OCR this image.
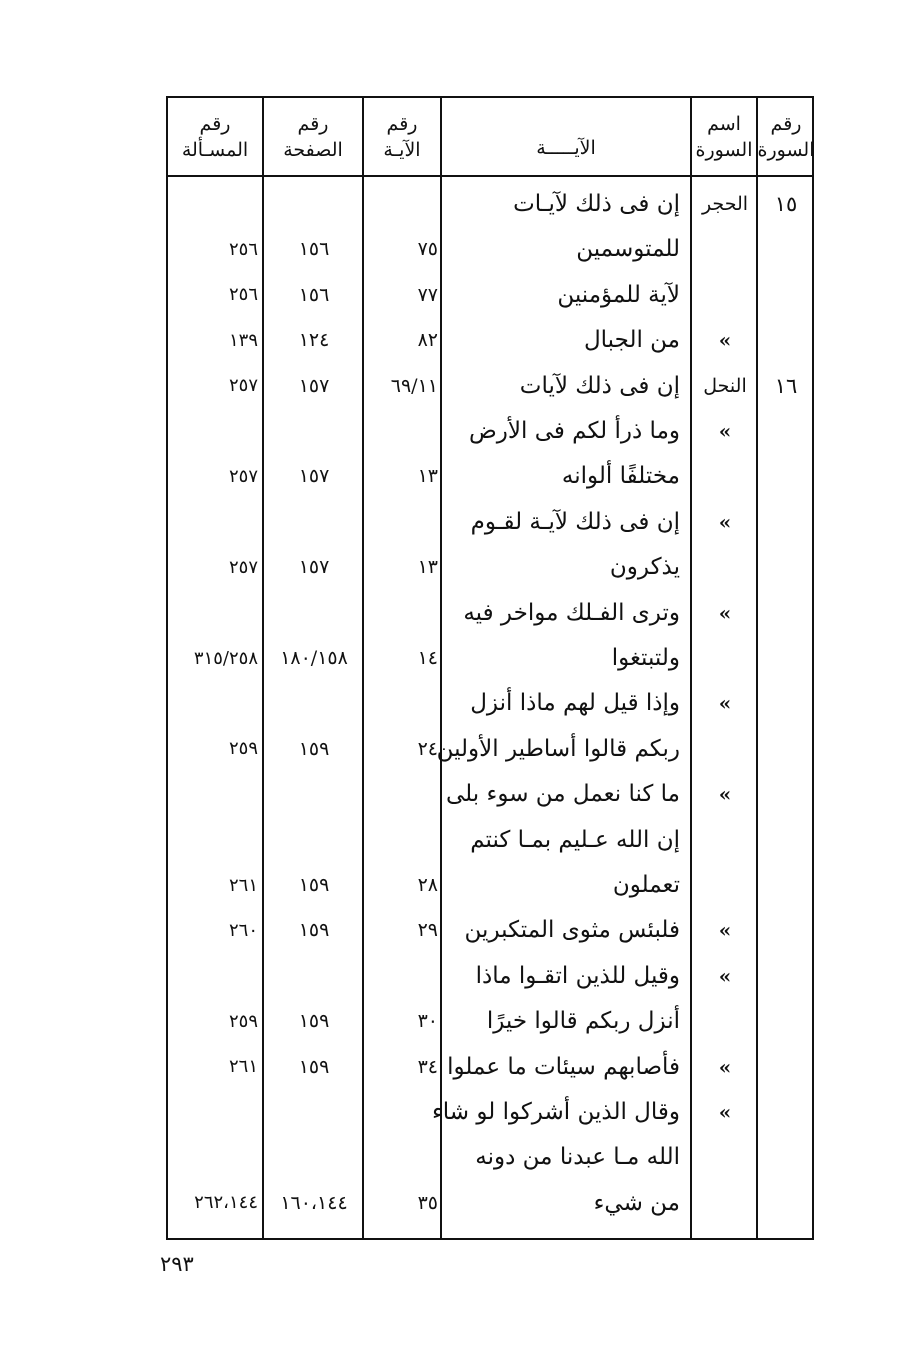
رقم
السورة
اسم
السورة
الآيـــــة
رقم
الآيـة
رقم
الصفحة
رقم
المسـألة
١٥
الحجر
إن فى ذلك لآيـات
للمتوسمين
٧٥
١٥٦
٢٥٦
لآية للمؤمنين
٧٧
١٥٦
٢٥٦
»
من الجبال
٨٢
١٢٤
١٣٩
١٦
النحل
إن فى ذلك لآيات
٦٩/١١
١٥٧
٢٥٧
»
وما ذرأ لكم فى الأرض
مختلفًا ألوانه
١٣
١٥٧
٢٥٧
»
إن فى ذلك لآيـة لقـوم
يذكرون
١٣
١٥٧
٢٥٧
»
وترى الفـلك مواخر فيه
ولتبتغوا
١٤
١٨٠/١٥٨
٣١٥/٢٥٨
»
وإذا قيل لهم ماذا أنزل
ربكم قالوا أساطير الأولين
٢٤
١٥٩
٢٥٩
»
ما كنا نعمل من سوء بلى
إن الله عـليم بمـا كنتم
تعملون
٢٨
١٥٩
٢٦١
»
فلبئس مثوى المتكبرين
٢٩
١٥٩
٢٦٠
»
وقيل للذين اتقـوا ماذا
أنزل ربكم قالوا خيرًا
٣٠
١٥٩
٢٥٩
»
فأصابهم سيئات ما عملوا
٣٤
١٥٩
٢٦١
»
وقال الذين أشركوا لو شاء
الله مـا عبدنا من دونه
من شيء
٣٥
١٦٠،١٤٤
٢٦٢،١٤٤
٢٩٣
